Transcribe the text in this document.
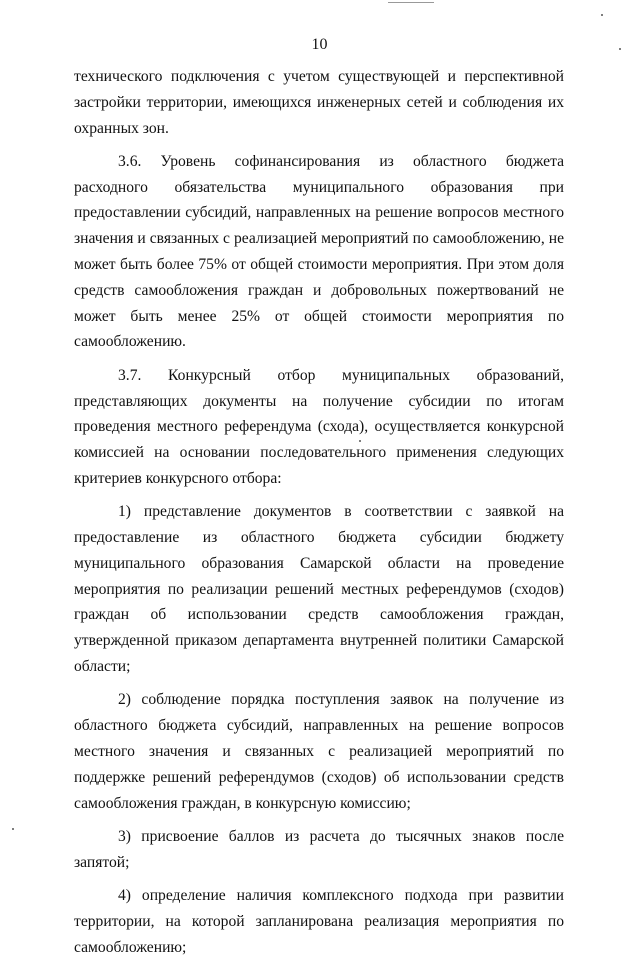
10

технического подключения с учетом существующей и перспективной застройки территории, имеющихся инженерных сетей и соблюдения их охранных зон.

3.6. Уровень софинансирования из областного бюджета расходного обязательства муниципального образования при предоставлении субсидий, направленных на решение вопросов местного значения и связанных с реализацией мероприятий по самообложению, не может быть более 75% от общей стоимости мероприятия. При этом доля средств самообложения граждан и добровольных пожертвований не может быть менее 25% от общей стоимости мероприятия по самообложению.

3.7. Конкурсный отбор муниципальных образований, представляющих документы на получение субсидии по итогам проведения местного референдума (схода), осуществляется конкурсной комиссией на основании последовательного применения следующих критериев конкурсного отбора:

1) представление документов в соответствии с заявкой на предоставление из областного бюджета субсидии бюджету муниципального образования Самарской области на проведение мероприятия по реализации решений местных референдумов (сходов) граждан об использовании средств самообложения граждан, утвержденной приказом департамента внутренней политики Самарской области;

2) соблюдение порядка поступления заявок на получение из областного бюджета субсидий, направленных на решение вопросов местного значения и связанных с реализацией мероприятий по поддержке решений референдумов (сходов) об использовании средств самообложения граждан, в конкурсную комиссию;

3) присвоение баллов из расчета до тысячных знаков после запятой;

4) определение наличия комплексного подхода при развитии территории, на которой запланирована реализация мероприятия по самообложению;
